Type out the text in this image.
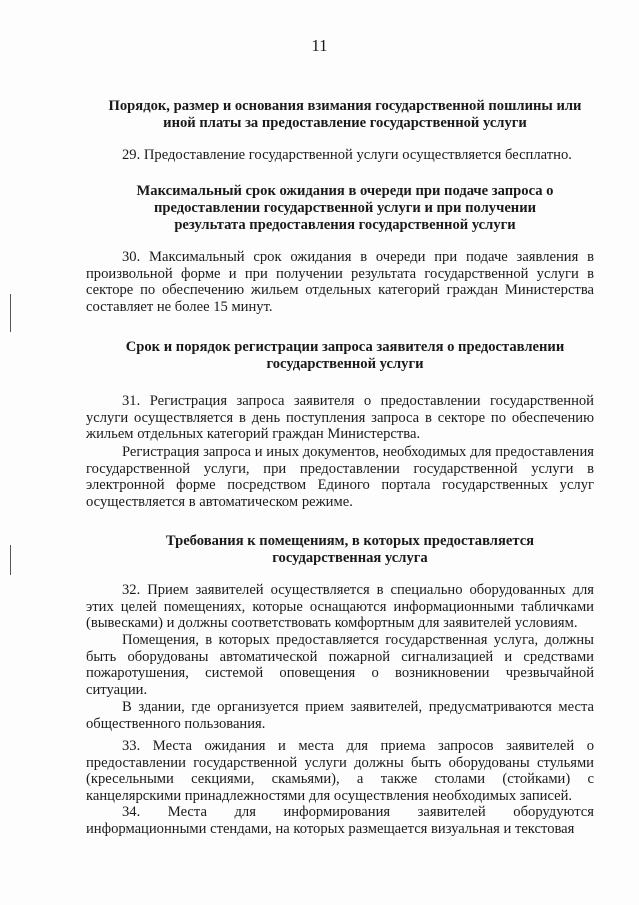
11
Порядок, размер и основания взимания государственной пошлины или иной платы за предоставление государственной услуги
29. Предоставление государственной услуги осуществляется бесплатно.
Максимальный срок ожидания в очереди при подаче запроса о предоставлении государственной услуги и при получении результата предоставления государственной услуги
30. Максимальный срок ожидания в очереди при подаче заявления в произвольной форме и при получении результата государственной услуги в секторе по обеспечению жильем отдельных категорий граждан Министерства составляет не более 15 минут.
Срок и порядок регистрации запроса заявителя о предоставлении государственной услуги
31. Регистрация запроса заявителя о предоставлении государственной услуги осуществляется в день поступления запроса в секторе по обеспечению жильем отдельных категорий граждан Министерства.
Регистрация запроса и иных документов, необходимых для предоставления государственной услуги, при предоставлении государственной услуги в электронной форме посредством Единого портала государственных услуг осуществляется в автоматическом режиме.
Требования к помещениям, в которых предоставляется государственная услуга
32. Прием заявителей осуществляется в специально оборудованных для этих целей помещениях, которые оснащаются информационными табличками (вывесками) и должны соответствовать комфортным для заявителей условиям.
Помещения, в которых предоставляется государственная услуга, должны быть оборудованы автоматической пожарной сигнализацией и средствами пожаротушения, системой оповещения о возникновении чрезвычайной ситуации.
В здании, где организуется прием заявителей, предусматриваются места общественного пользования.
33. Места ожидания и места для приема запросов заявителей о предоставлении государственной услуги должны быть оборудованы стульями (кресельными секциями, скамьями), а также столами (стойками) с канцелярскими принадлежностями для осуществления необходимых записей.
34. Места для информирования заявителей оборудуются информационными стендами, на которых размещается визуальная и текстовая
